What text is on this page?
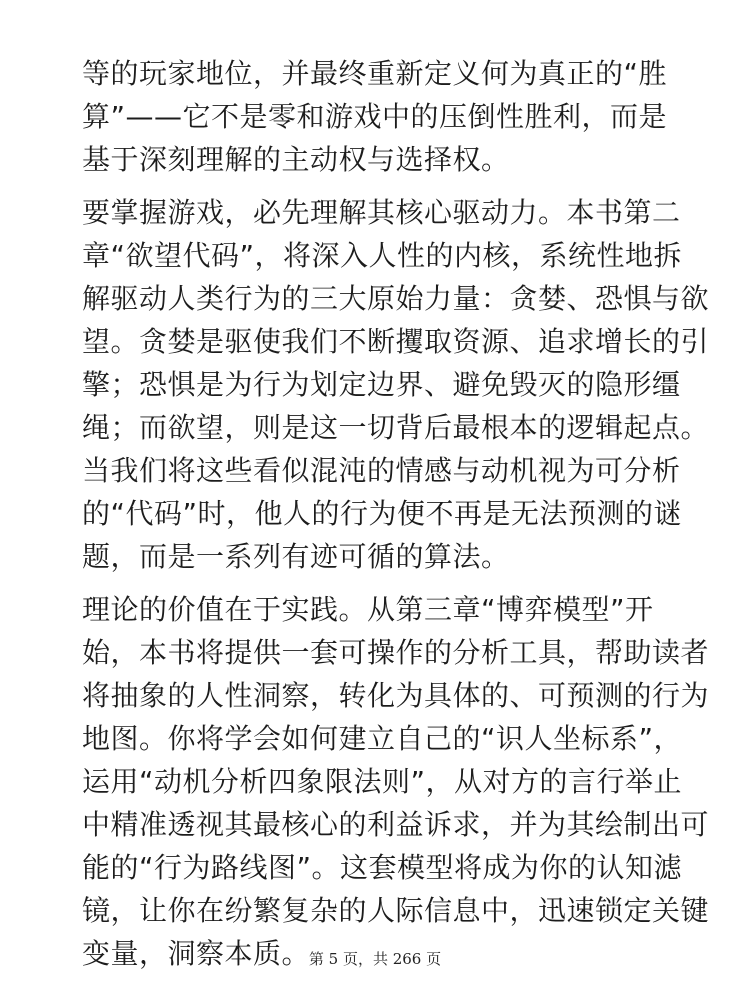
等的玩家地位，并最终重新定义何为真正的“胜
算”——它不是零和游戏中的压倒性胜利，而是
基于深刻理解的主动权与选择权。

要掌握游戏，必先理解其核心驱动力。本书第二
章“欲望代码”，将深入人性的内核，系统性地拆
解驱动人类行为的三大原始力量：贪婪、恐惧与欲
望。贪婪是驱使我们不断攫取资源、追求增长的引
擎；恐惧是为行为划定边界、避免毁灭的隐形缰
绳；而欲望，则是这一切背后最根本的逻辑起点。
当我们将这些看似混沌的情感与动机视为可分析
的“代码”时，他人的行为便不再是无法预测的谜
题，而是一系列有迹可循的算法。

理论的价值在于实践。从第三章“博弈模型”开
始，本书将提供一套可操作的分析工具，帮助读者
将抽象的人性洞察，转化为具体的、可预测的行为
地图。你将学会如何建立自己的“识人坐标系”，
运用“动机分析四象限法则”，从对方的言行举止
中精准透视其最核心的利益诉求，并为其绘制出可
能的“行为路线图”。这套模型将成为你的认知滤
镜，让你在纷繁复杂的人际信息中，迅速锁定关键
变量，洞察本质。

第 5 页，共 266 页
